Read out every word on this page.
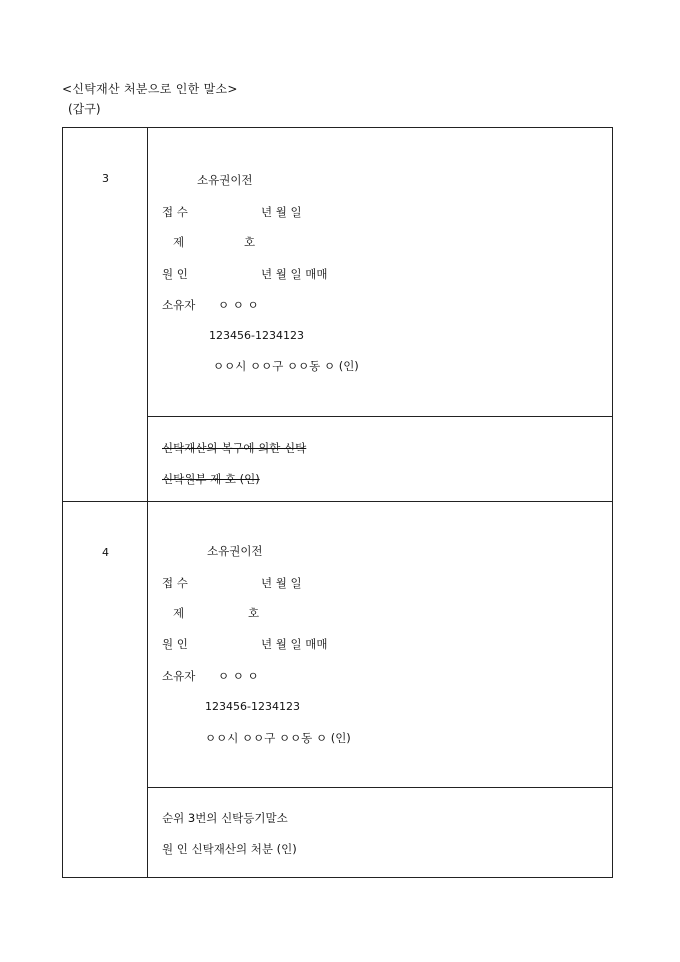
<신탁재산 처분으로 인한 말소>
(갑구)
3	소유권이전
접 수	년 월 일
제	호
원 인	년 월 일 매매
소유자 ㅇ ㅇ ㅇ
123456-1234123
ㅇㅇ시 ㅇㅇ구 ㅇㅇ동 ㅇ (인)
신탁재산의 복구에 의한 신탁
신탁원부 제 호 (인)
4	소유권이전
접 수	년 월 일
제	호
원 인	년 월 일 매매
소유자 ㅇ ㅇ ㅇ
123456-1234123
ㅇㅇ시 ㅇㅇ구 ㅇㅇ동 ㅇ (인)
순위 3번의 신탁등기말소
원 인 신탁재산의 처분 (인)
